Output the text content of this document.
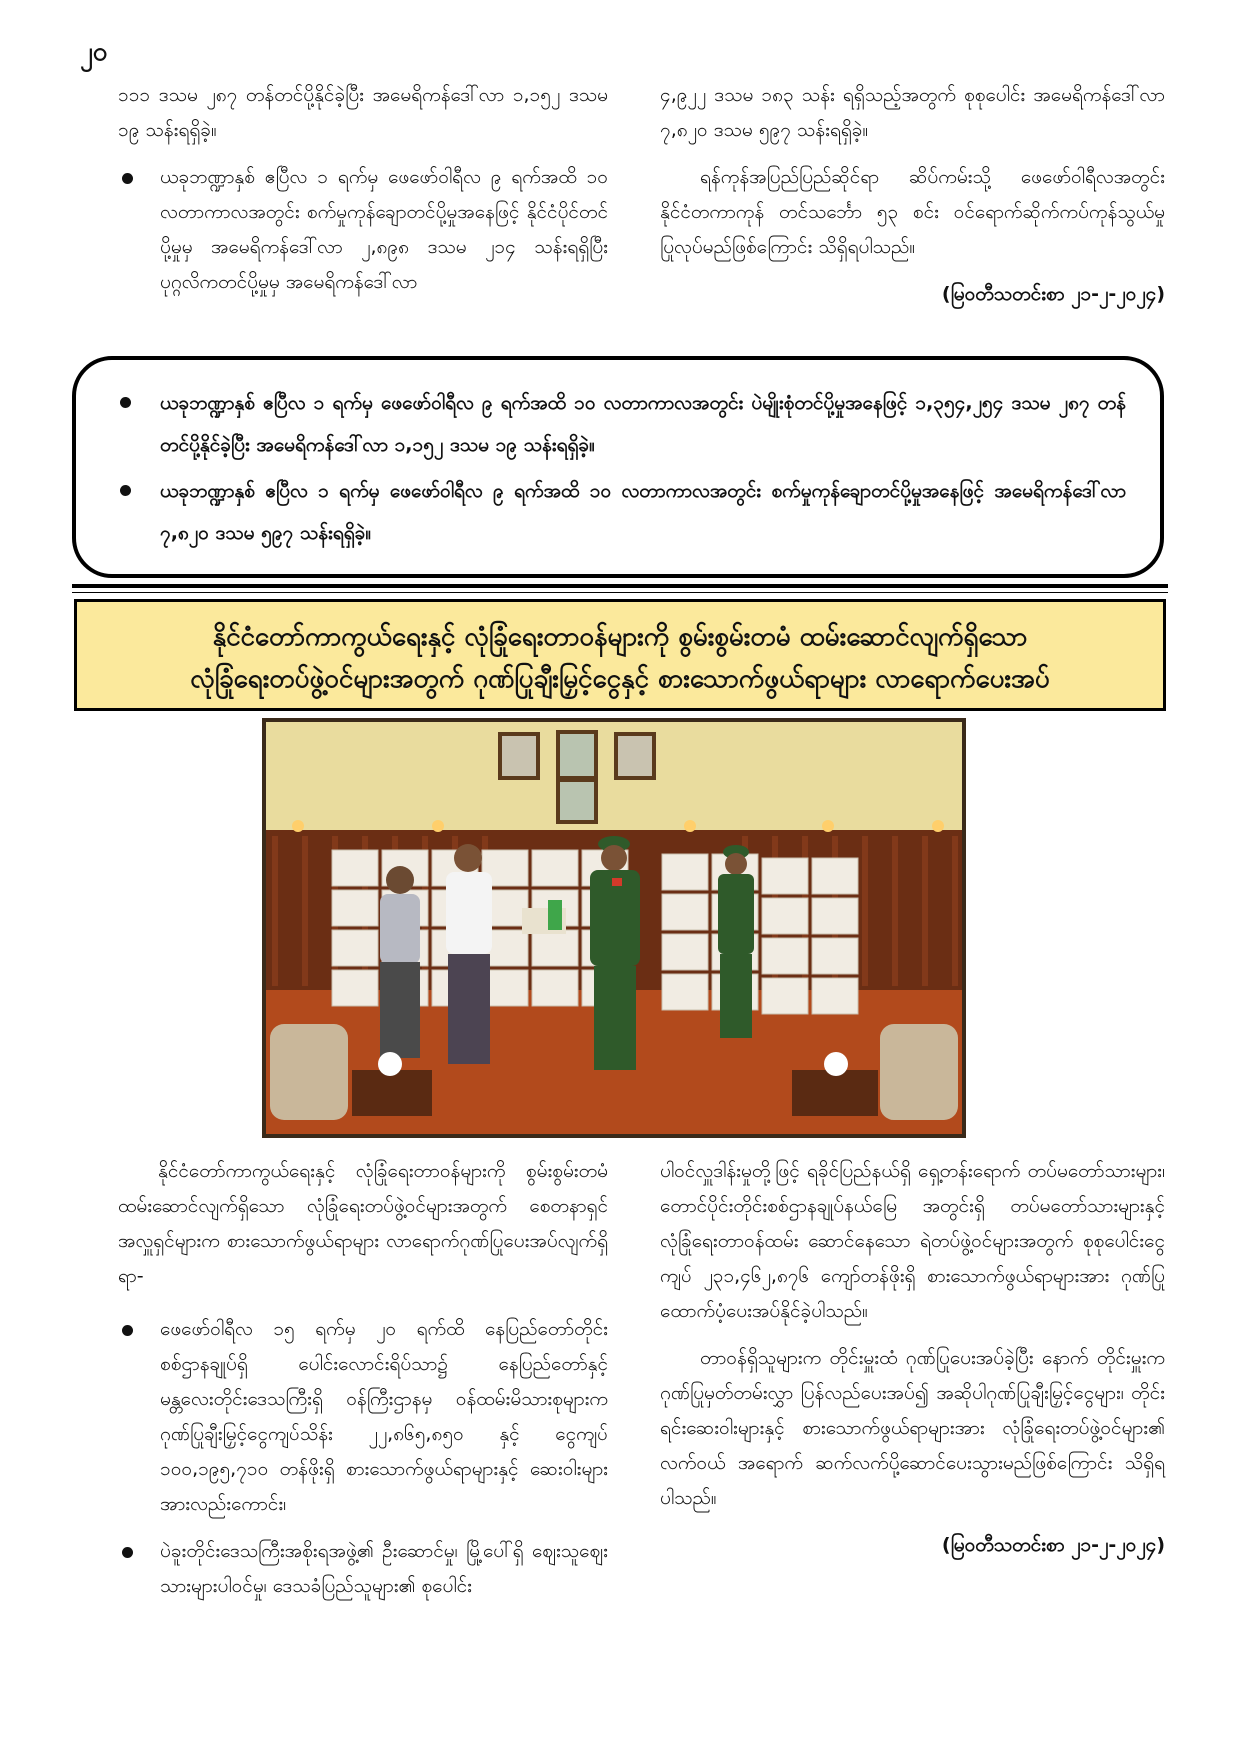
၂၀

၁၁၁ ဒသမ ၂၈၇ တန်တင်ပို့နိုင်ခဲ့ပြီး အမေရိကန်ဒေါ်လာ ၁,၁၅၂ ဒသမ ၁၉ သန်းရရှိခဲ့။

ယခုဘဏ္ဍာနှစ် ဧပြီလ ၁ ရက်မှ ဖေဖော်ဝါရီလ ၉ ရက်အထိ ၁၀ လတာကာလအတွင်း စက်မှုကုန်ချောတင်ပို့မှုအနေဖြင့် နိုင်ငံပိုင်တင်ပို့မှုမှ အမေရိကန်ဒေါ်လာ ၂,၈၉၈ ဒသမ ၂၁၄ သန်းရရှိပြီး ပုဂ္ဂလိကတင်ပို့မှုမှ အမေရိကန်ဒေါ်လာ

၄,၉၂၂ ဒသမ ၁၈၃ သန်း ရရှိသည့်အတွက် စုစုပေါင်း အမေရိကန်ဒေါ်လာ ၇,၈၂၀ ဒသမ ၅၉၇ သန်းရရှိခဲ့။

ရန်ကုန်အပြည်ပြည်ဆိုင်ရာ ဆိပ်ကမ်းသို့ ဖေဖော်ဝါရီလအတွင်း နိုင်ငံတကာကုန် တင်သင်္ဘော ၅၃ စင်း ဝင်ရောက်ဆိုက်ကပ်ကုန်သွယ်မှုပြုလုပ်မည်ဖြစ်ကြောင်း သိရှိရပါသည်။

(မြဝတီသတင်းစာ ၂၁-၂-၂၀၂၄)
ယခုဘဏ္ဍာနှစ် ဧပြီလ ၁ ရက်မှ ဖေဖော်ဝါရီလ ၉ ရက်အထိ ၁၀ လတာကာလအတွင်း ပဲမျိုးစုံတင်ပို့မှုအနေဖြင့် ၁,၃၅၄,၂၅၄ ဒသမ ၂၈၇ တန်တင်ပို့နိုင်ခဲ့ပြီး အမေရိကန်ဒေါ်လာ ၁,၁၅၂ ဒသမ ၁၉ သန်းရရှိခဲ့။
ယခုဘဏ္ဍာနှစ် ဧပြီလ ၁ ရက်မှ ဖေဖော်ဝါရီလ ၉ ရက်အထိ ၁၀ လတာကာလအတွင်း စက်မှုကုန်ချောတင်ပို့မှုအနေဖြင့် အမေရိကန်ဒေါ်လာ ၇,၈၂၀ ဒသမ ၅၉၇ သန်းရရှိခဲ့။
နိုင်ငံတော်ကာကွယ်ရေးနှင့် လုံခြုံရေးတာဝန်များကို စွမ်းစွမ်းတမံ ထမ်းဆောင်လျက်ရှိသော
လုံခြုံရေးတပ်ဖွဲ့ဝင်များအတွက် ဂုဏ်ပြုချီးမြှင့်ငွေနှင့် စားသောက်ဖွယ်ရာများ လာရောက်ပေးအပ်

နိုင်ငံတော်ကာကွယ်ရေးနှင့် လုံခြုံရေးတာဝန်များကို စွမ်းစွမ်းတမံထမ်းဆောင်လျက်ရှိသော လုံခြုံရေးတပ်ဖွဲ့ဝင်များအတွက် စေတနာရှင်အလှူရှင်များက စားသောက်ဖွယ်ရာများ လာရောက်ဂုဏ်ပြုပေးအပ်လျက်ရှိရာ-

ဖေဖော်ဝါရီလ ၁၅ ရက်မှ ၂၀ ရက်ထိ နေပြည်တော်တိုင်း စစ်ဌာနချုပ်ရှိ ပေါင်းလောင်းရိပ်သာ၌ နေပြည်တော်နှင့် မန္တလေးတိုင်းဒေသကြီးရှိ ဝန်ကြီးဌာနမှ ဝန်ထမ်းမိသားစုများက ဂုဏ်ပြုချီးမြှင့်ငွေကျပ်သိန်း ၂၂,၈၆၅,၈၅၀ နှင့် ငွေကျပ် ၁၀၀,၁၉၅,၇၁၀ တန်ဖိုးရှိ စားသောက်ဖွယ်ရာများနှင့် ဆေးဝါးများအားလည်းကောင်း၊
ပဲခူးတိုင်းဒေသကြီးအစိုးရအဖွဲ့၏ ဦးဆောင်မှု၊ မြို့ပေါ်ရှိ စျေးသူစျေးသားများပါဝင်မှု၊ ဒေသခံပြည်သူများ၏ စုပေါင်း

ပါဝင်လှူဒါန်းမှုတို့ဖြင့် ရခိုင်ပြည်နယ်ရှိ ရှေ့တန်းရောက် တပ်မတော်သားများ၊ တောင်ပိုင်းတိုင်းစစ်ဌာနချုပ်နယ်မြေ အတွင်းရှိ တပ်မတော်သားများနှင့် လုံခြုံရေးတာဝန်ထမ်း ဆောင်နေသော ရဲတပ်ဖွဲ့ဝင်များအတွက် စုစုပေါင်းငွေကျပ် ၂၃၁,၄၆၂,၈၇၆ ကျော်တန်ဖိုးရှိ စားသောက်ဖွယ်ရာများအား ဂုဏ်ပြုထောက်ပံ့ပေးအပ်နိုင်ခဲ့ပါသည်။

တာဝန်ရှိသူများက တိုင်းမှူးထံ ဂုဏ်ပြုပေးအပ်ခဲ့ပြီး နောက် တိုင်းမှူးက ဂုဏ်ပြုမှတ်တမ်းလွှာ ပြန်လည်ပေးအပ်၍ အဆိုပါဂုဏ်ပြုချီးမြှင့်ငွေများ၊ တိုင်းရင်းဆေးဝါးများနှင့် စားသောက်ဖွယ်ရာများအား လုံခြုံရေးတပ်ဖွဲ့ဝင်များ၏ လက်ဝယ် အရောက် ဆက်လက်ပို့ဆောင်ပေးသွားမည်ဖြစ်ကြောင်း သိရှိရပါသည်။

(မြဝတီသတင်းစာ ၂၁-၂-၂၀၂၄)
